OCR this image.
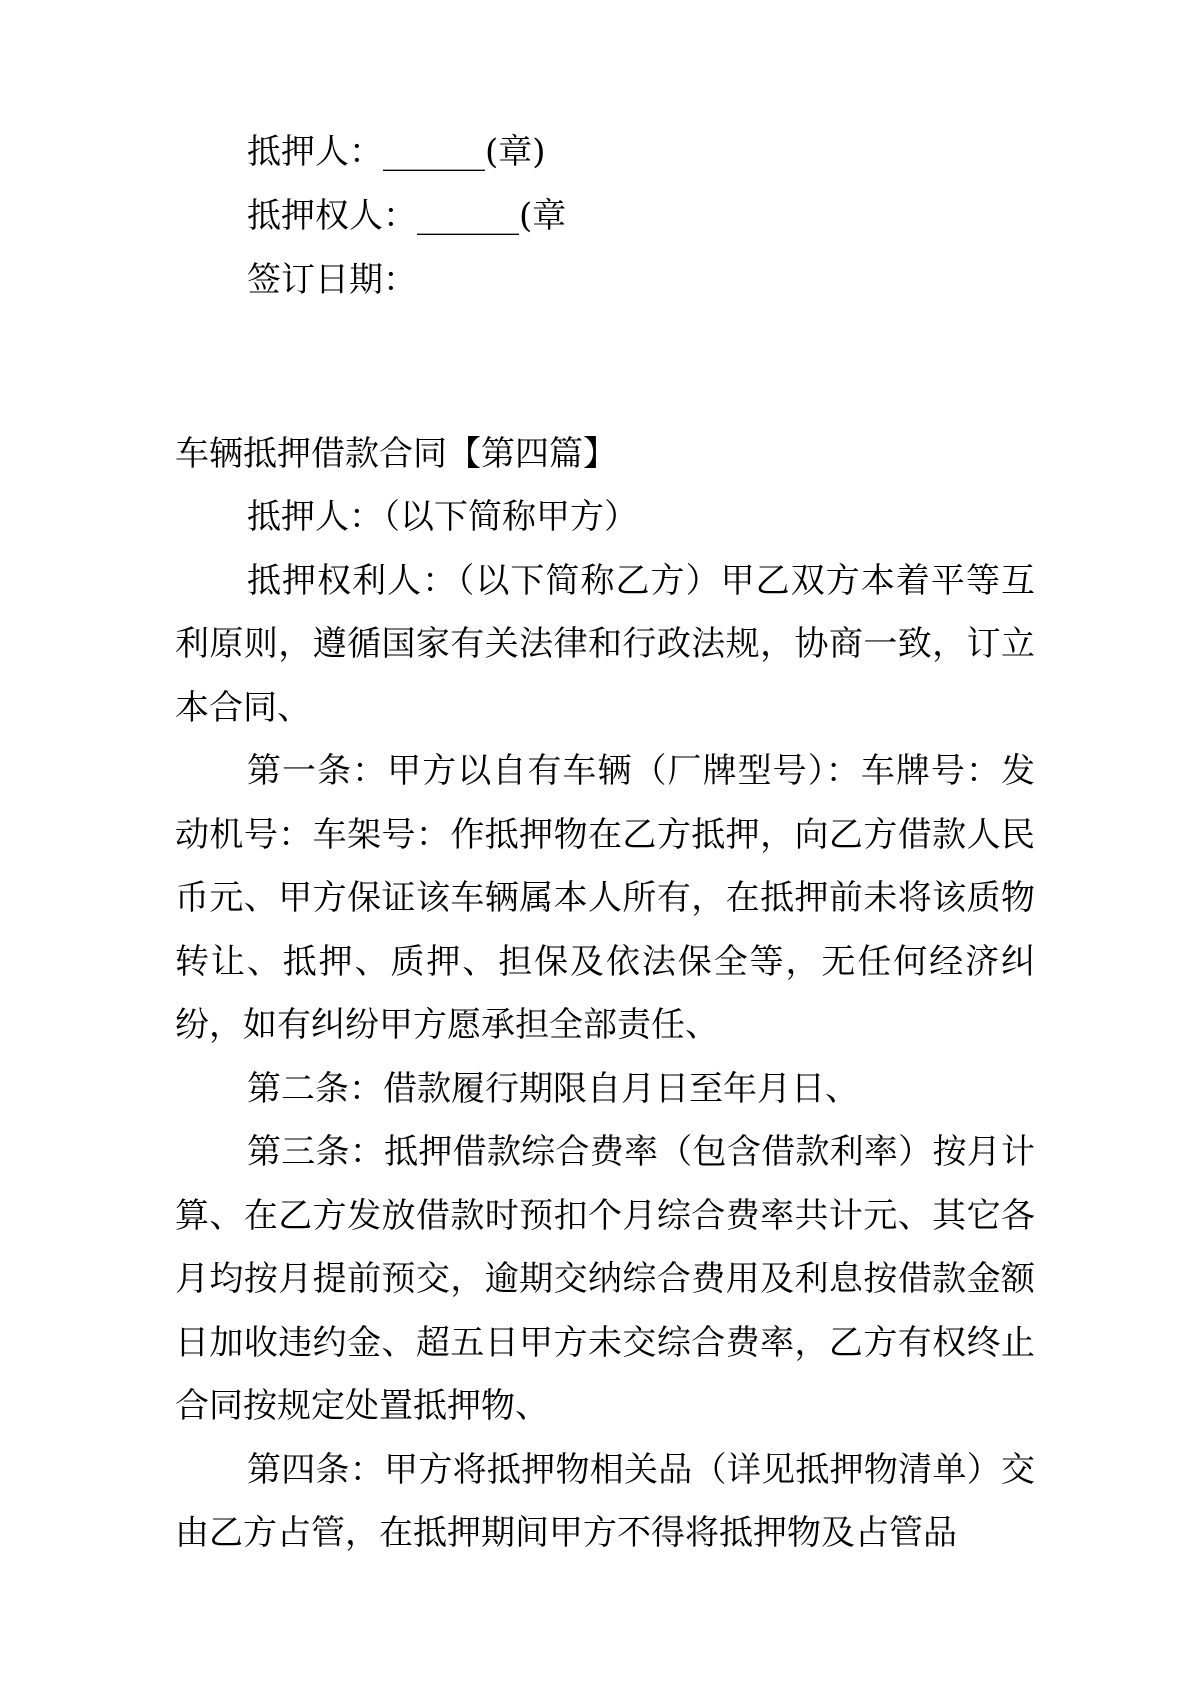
抵押人：______(章)
抵押权人：______(章
签订日期：
车辆抵押借款合同【第四篇】

抵押人：（以下简称甲方）

抵押权利人：（以下简称乙方）甲乙双方本着平等互利原则，遵循国家有关法律和行政法规，协商一致，订立本合同、

第一条：甲方以自有车辆（厂牌型号）：车牌号：发动机号：车架号：作抵押物在乙方抵押，向乙方借款人民币元、甲方保证该车辆属本人所有，在抵押前未将该质物转让、抵押、质押、担保及依法保全等，无任何经济纠纷，如有纠纷甲方愿承担全部责任、

第二条：借款履行期限自月日至年月日、

第三条：抵押借款综合费率（包含借款利率）按月计算、在乙方发放借款时预扣个月综合费率共计元、其它各月均按月提前预交，逾期交纳综合费用及利息按借款金额日加收违约金、超五日甲方未交综合费率，乙方有权终止合同按规定处置抵押物、

第四条：甲方将抵押物相关品（详见抵押物清单）交由乙方占管，在抵押期间甲方不得将抵押物及占管品
